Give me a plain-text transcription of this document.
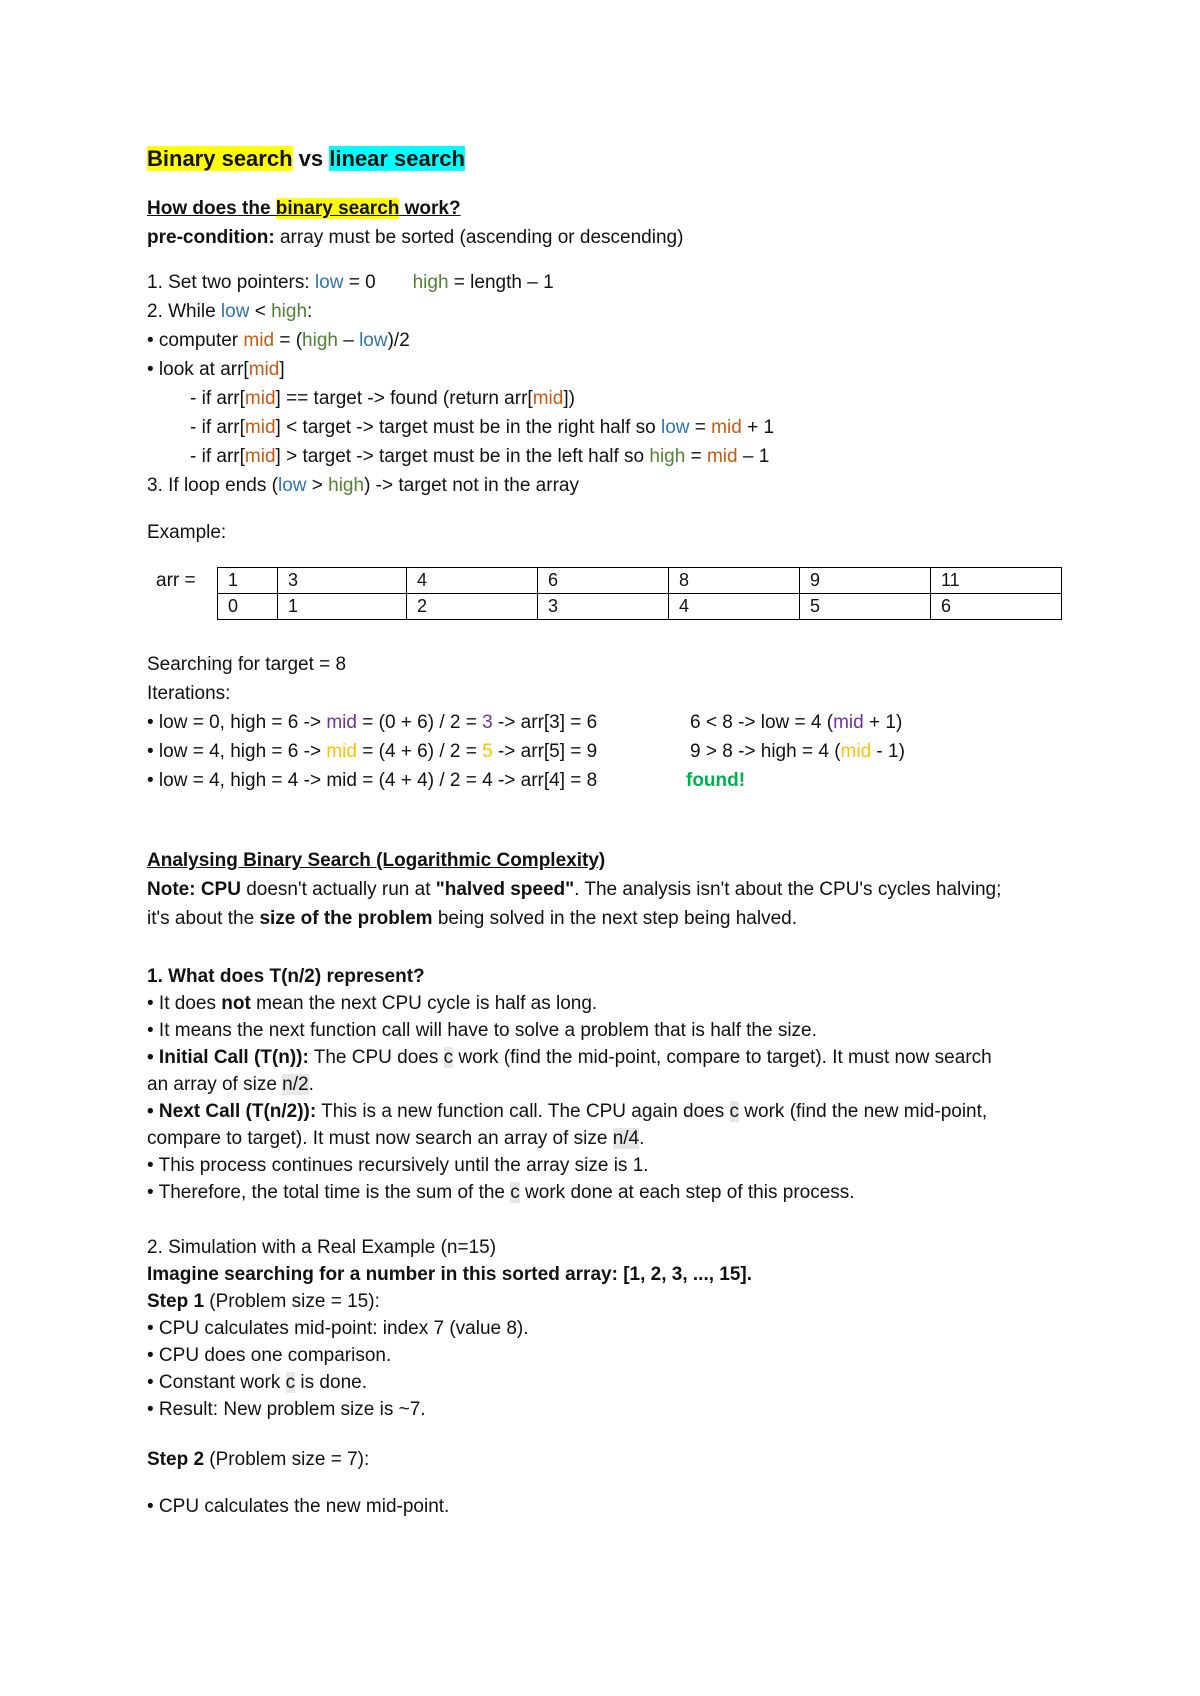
Binary search vs linear search
How does the binary search work?
pre-condition: array must be sorted (ascending or descending)
1. Set two pointers: low = 0       high = length – 1
2. While low < high:
• computer mid = (high – low)/2
• look at arr[mid]
- if arr[mid] == target -> found (return arr[mid])
- if arr[mid] < target -> target must be in the right half so low = mid + 1
- if arr[mid] > target -> target must be in the left half so high = mid – 1
3. If loop ends (low > high) -> target not in the array
Example:
arr = 1	3	4	6	8	9	11
0	1	2	3	4	5	6
Searching for target = 8
Iterations:
• low = 0, high = 6 -> mid = (0 + 6) / 2 = 3 -> arr[3] = 6	6 < 8 -> low = 4 (mid + 1)
• low = 4, high = 6 -> mid = (4 + 6) / 2 = 5 -> arr[5] = 9	9 > 8 -> high = 4 (mid - 1)
• low = 4, high = 4 -> mid = (4 + 4) / 2 = 4 -> arr[4] = 8	found!
Analysing Binary Search (Logarithmic Complexity)
Note: CPU doesn't actually run at "halved speed". The analysis isn't about the CPU's cycles halving;
it's about the size of the problem being solved in the next step being halved.
1. What does T(n/2) represent?
• It does not mean the next CPU cycle is half as long.
• It means the next function call will have to solve a problem that is half the size.
• Initial Call (T(n)): The CPU does c work (find the mid-point, compare to target). It must now search
an array of size n/2.
• Next Call (T(n/2)): This is a new function call. The CPU again does c work (find the new mid-point,
compare to target). It must now search an array of size n/4.
• This process continues recursively until the array size is 1.
• Therefore, the total time is the sum of the c work done at each step of this process.
2. Simulation with a Real Example (n=15)
Imagine searching for a number in this sorted array: [1, 2, 3, ..., 15].
Step 1 (Problem size = 15):
• CPU calculates mid-point: index 7 (value 8).
• CPU does one comparison.
• Constant work c is done.
• Result: New problem size is ~7.
Step 2 (Problem size = 7):
• CPU calculates the new mid-point.
